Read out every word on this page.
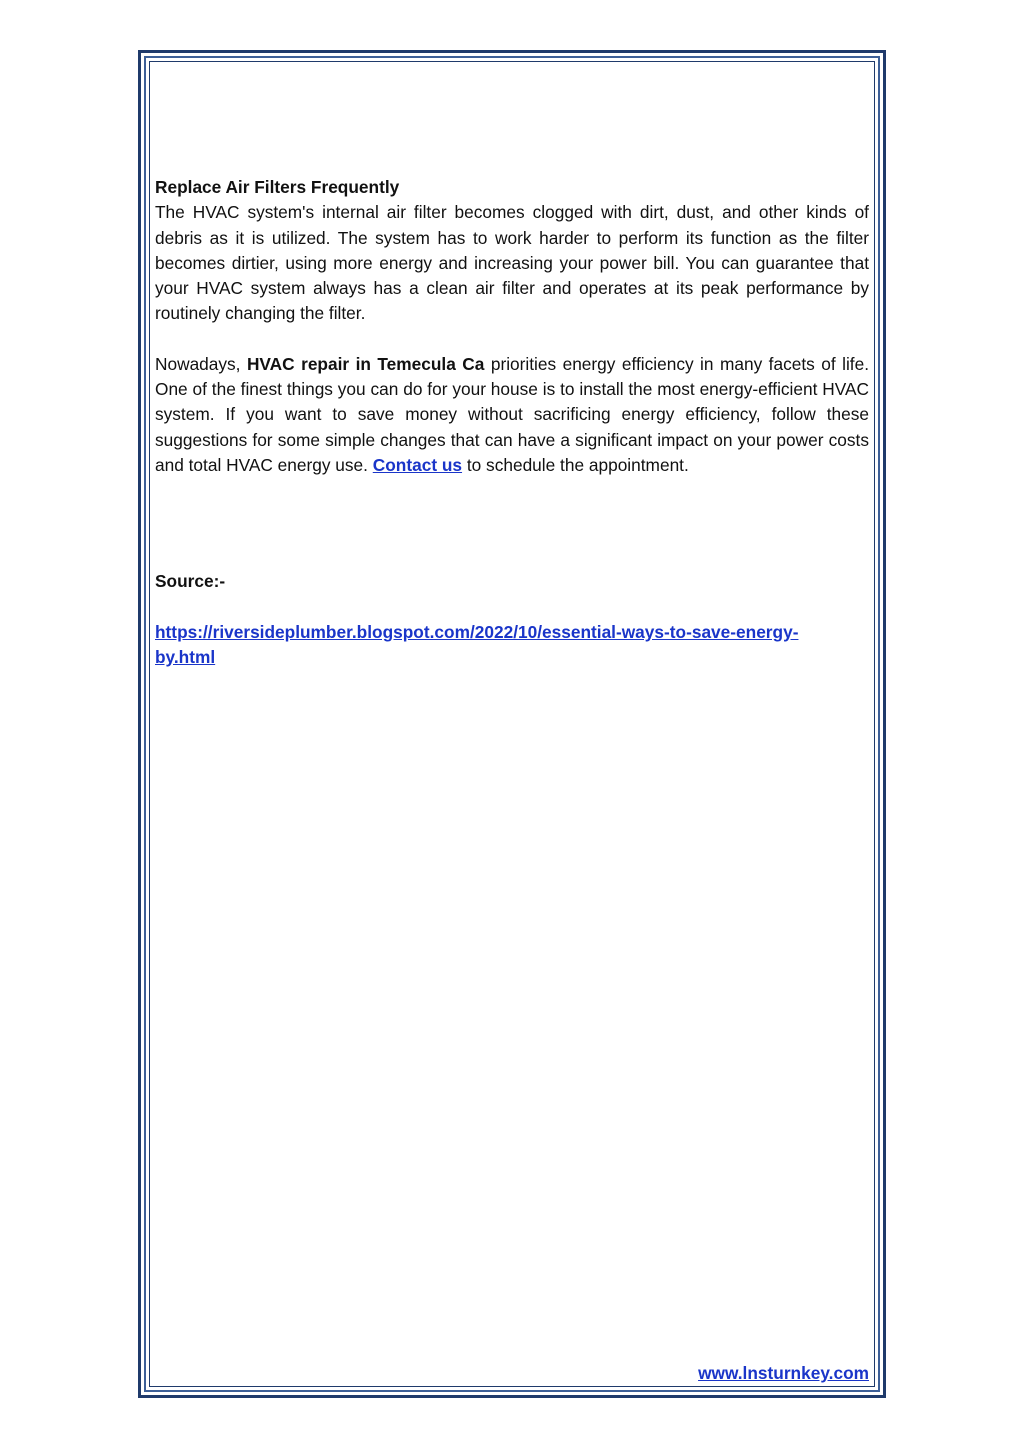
Replace Air Filters Frequently

The HVAC system's internal air filter becomes clogged with dirt, dust, and other kinds of debris as it is utilized. The system has to work harder to perform its function as the filter becomes dirtier, using more energy and increasing your power bill. You can guarantee that your HVAC system always has a clean air filter and operates at its peak performance by routinely changing the filter.

Nowadays, HVAC repair in Temecula Ca priorities energy efficiency in many facets of life. One of the finest things you can do for your house is to install the most energy-efficient HVAC system. If you want to save money without sacrificing energy efficiency, follow these suggestions for some simple changes that can have a significant impact on your power costs and total HVAC energy use. Contact us to schedule the appointment.

Source:-

https://riversideplumber.blogspot.com/2022/10/essential-ways-to-save-energy-by.html

www.lnsturnkey.com
